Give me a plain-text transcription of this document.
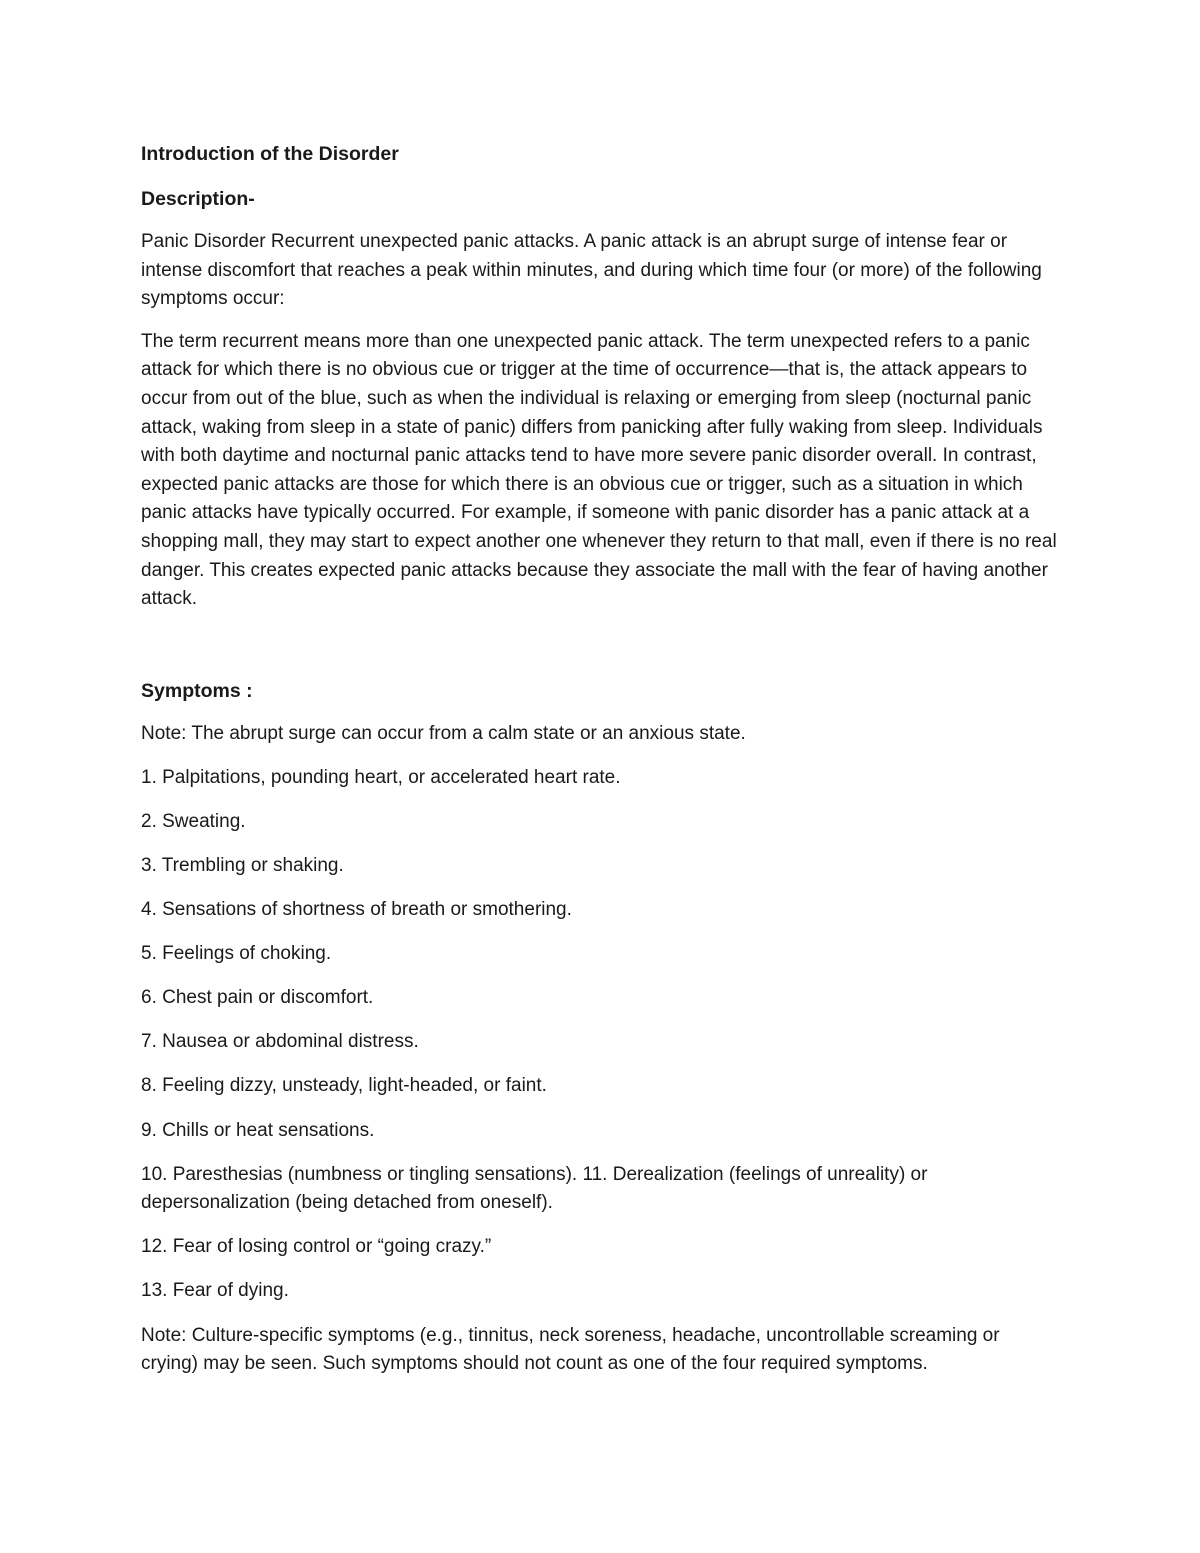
Introduction of the Disorder

Description-

Panic Disorder Recurrent unexpected panic attacks. A panic attack is an abrupt surge of intense fear or intense discomfort that reaches a peak within minutes, and during which time four (or more) of the following symptoms occur:

The term recurrent means more than one unexpected panic attack. The term unexpected refers to a panic attack for which there is no obvious cue or trigger at the time of occurrence—that is, the attack appears to occur from out of the blue, such as when the individual is relaxing or emerging from sleep (nocturnal panic attack, waking from sleep in a state of panic) differs from panicking after fully waking from sleep. Individuals with both daytime and nocturnal panic attacks tend to have more severe panic disorder overall. In contrast, expected panic attacks are those for which there is an obvious cue or trigger, such as a situation in which panic attacks have typically occurred. For example, if someone with panic disorder has a panic attack at a shopping mall, they may start to expect another one whenever they return to that mall, even if there is no real danger. This creates expected panic attacks because they associate the mall with the fear of having another attack.

Symptoms :

Note: The abrupt surge can occur from a calm state or an anxious state.

1. Palpitations, pounding heart, or accelerated heart rate.
2. Sweating.
3. Trembling or shaking.
4. Sensations of shortness of breath or smothering.
5. Feelings of choking.
6. Chest pain or discomfort.
7. Nausea or abdominal distress.
8. Feeling dizzy, unsteady, light-headed, or faint.
9. Chills or heat sensations.
10. Paresthesias (numbness or tingling sensations). 11. Derealization (feelings of unreality) or depersonalization (being detached from oneself).
12. Fear of losing control or “going crazy.”
13. Fear of dying.

Note: Culture-specific symptoms (e.g., tinnitus, neck soreness, headache, uncontrollable screaming or crying) may be seen. Such symptoms should not count as one of the four required symptoms.
